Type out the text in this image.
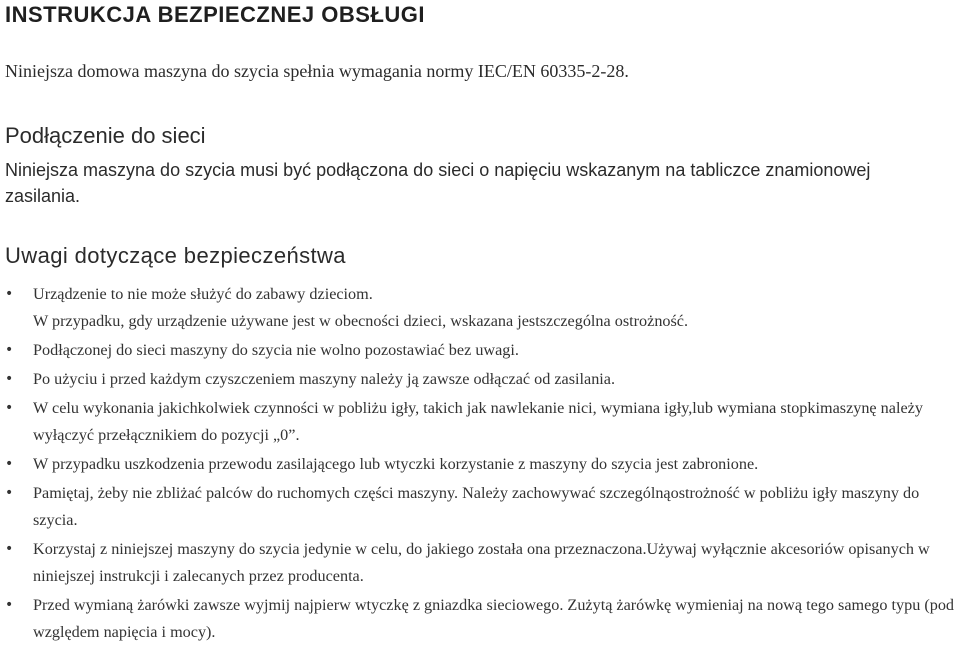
INSTRUKCJA BEZPIECZNEJ OBSŁUGI

Niniejsza domowa maszyna do szycia spełnia wymagania normy IEC/EN 60335-2-28.

Podłączenie do sieci

Niniejsza maszyna do szycia musi być podłączona do sieci o napięciu wskazanym na tabliczce znamionowej zasilania.

Uwagi dotyczące bezpieczeństwa
• Urządzenie to nie może służyć do zabawy dzieciom.
W przypadku, gdy urządzenie używane jest w obecności dzieci, wskazana jestszczególna ostrożność.
• Podłączonej do sieci maszyny do szycia nie wolno pozostawiać bez uwagi.
• Po użyciu i przed każdym czyszczeniem maszyny należy ją zawsze odłączać od zasilania.
• W celu wykonania jakichkolwiek czynności w pobliżu igły, takich jak nawlekanie nici, wymiana igły,lub wymiana stopkimaszynę należy wyłączyć przełącznikiem do pozycji „0”.
• W przypadku uszkodzenia przewodu zasilającego lub wtyczki korzystanie z maszyny do szycia jest zabronione.
• Pamiętaj, żeby nie zbliżać palców do ruchomych części maszyny. Należy zachowywać szczególnąostrożność w pobliżu igły maszyny do szycia.
• Korzystaj z niniejszej maszyny do szycia jedynie w celu, do jakiego została ona przeznaczona.Używaj wyłącznie akcesoriów opisanych w niniejszej instrukcji i zalecanych przez producenta.
• Przed wymianą żarówki zawsze wyjmij najpierw wtyczkę z gniazdka sieciowego. Zużytą żarówkę wymieniaj na nową tego samego typu (pod względem napięcia i mocy).
